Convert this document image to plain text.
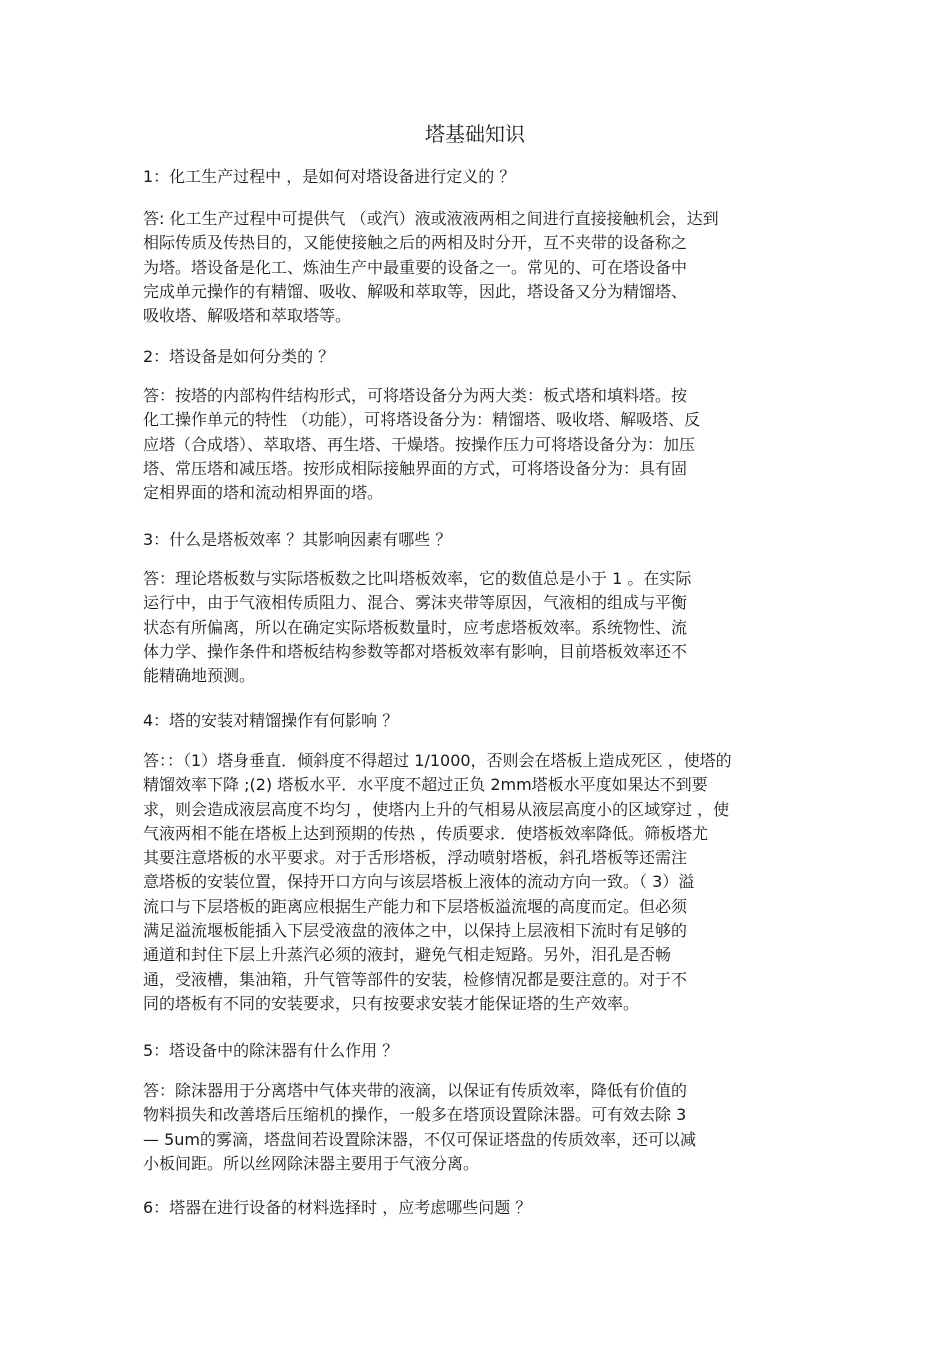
塔基础知识
1：化工生产过程中 ，是如何对塔设备进行定义的 ？
答: 化工生产过程中可提供气 （或汽）液或液液两相之间进行直接接触机会，达到
相际传质及传热目的，又能使接触之后的两相及时分开，互不夹带的设备称之
为塔。塔设备是化工、炼油生产中最重要的设备之一。常见的、可在塔设备中
完成单元操作的有精馏、吸收、解吸和萃取等，因此，塔设备又分为精馏塔、
吸收塔、解吸塔和萃取塔等。
2：塔设备是如何分类的 ？
答：按塔的内部构件结构形式，可将塔设备分为两大类：板式塔和填料塔。按
化工操作单元的特性 （功能），可将塔设备分为：精馏塔、吸收塔、解吸塔、反
应塔（合成塔）、萃取塔、再生塔、干燥塔。按操作压力可将塔设备分为：加压
塔、常压塔和减压塔。按形成相际接触界面的方式，可将塔设备分为：具有固
定相界面的塔和流动相界面的塔。
3：什么是塔板效率 ？其影响因素有哪些 ？
答：理论塔板数与实际塔板数之比叫塔板效率，它的数值总是小于 1 。在实际
运行中，由于气液相传质阻力、混合、雾沫夹带等原因，气液相的组成与平衡
状态有所偏离，所以在确定实际塔板数量时，应考虑塔板效率。系统物性、流
体力学、操作条件和塔板结构参数等都对塔板效率有影响，目前塔板效率还不
能精确地预测。
4：塔的安装对精馏操作有何影响 ？
答：：（1）塔身垂直．倾斜度不得超过 1/1000，否则会在塔板上造成死区 ，使塔的
精馏效率下降 ;(2) 塔板水平．水平度不超过正负 2mm塔板水平度如果达不到要
求，则会造成液层高度不均匀 ，使塔内上升的气相易从液层高度小的区域穿过 ，使
气液两相不能在塔板上达到预期的传热 ，传质要求．使塔板效率降低。筛板塔尤
其要注意塔板的水平要求。对于舌形塔板，浮动喷射塔板，斜孔塔板等还需注
意塔板的安装位置，保持开口方向与该层塔板上液体的流动方向一致。（ 3）溢
流口与下层塔板的距离应根据生产能力和下层塔板溢流堰的高度而定。但必须
满足溢流堰板能插入下层受液盘的液体之中，以保持上层液相下流时有足够的
通道和封住下层上升蒸汽必须的液封，避免气相走短路。另外，泪孔是否畅
通，受液槽，集油箱，升气管等部件的安装，检修情况都是要注意的。对于不
同的塔板有不同的安装要求，只有按要求安装才能保证塔的生产效率。
5：塔设备中的除沫器有什么作用 ？
答：除沫器用于分离塔中气体夹带的液滴，以保证有传质效率，降低有价值的
物料损失和改善塔后压缩机的操作，一般多在塔顶设置除沫器。可有效去除 3
— 5um的雾滴，塔盘间若设置除沫器，不仅可保证塔盘的传质效率，还可以减
小板间距。所以丝网除沫器主要用于气液分离。
6：塔器在进行设备的材料选择时 ，应考虑哪些问题 ？
